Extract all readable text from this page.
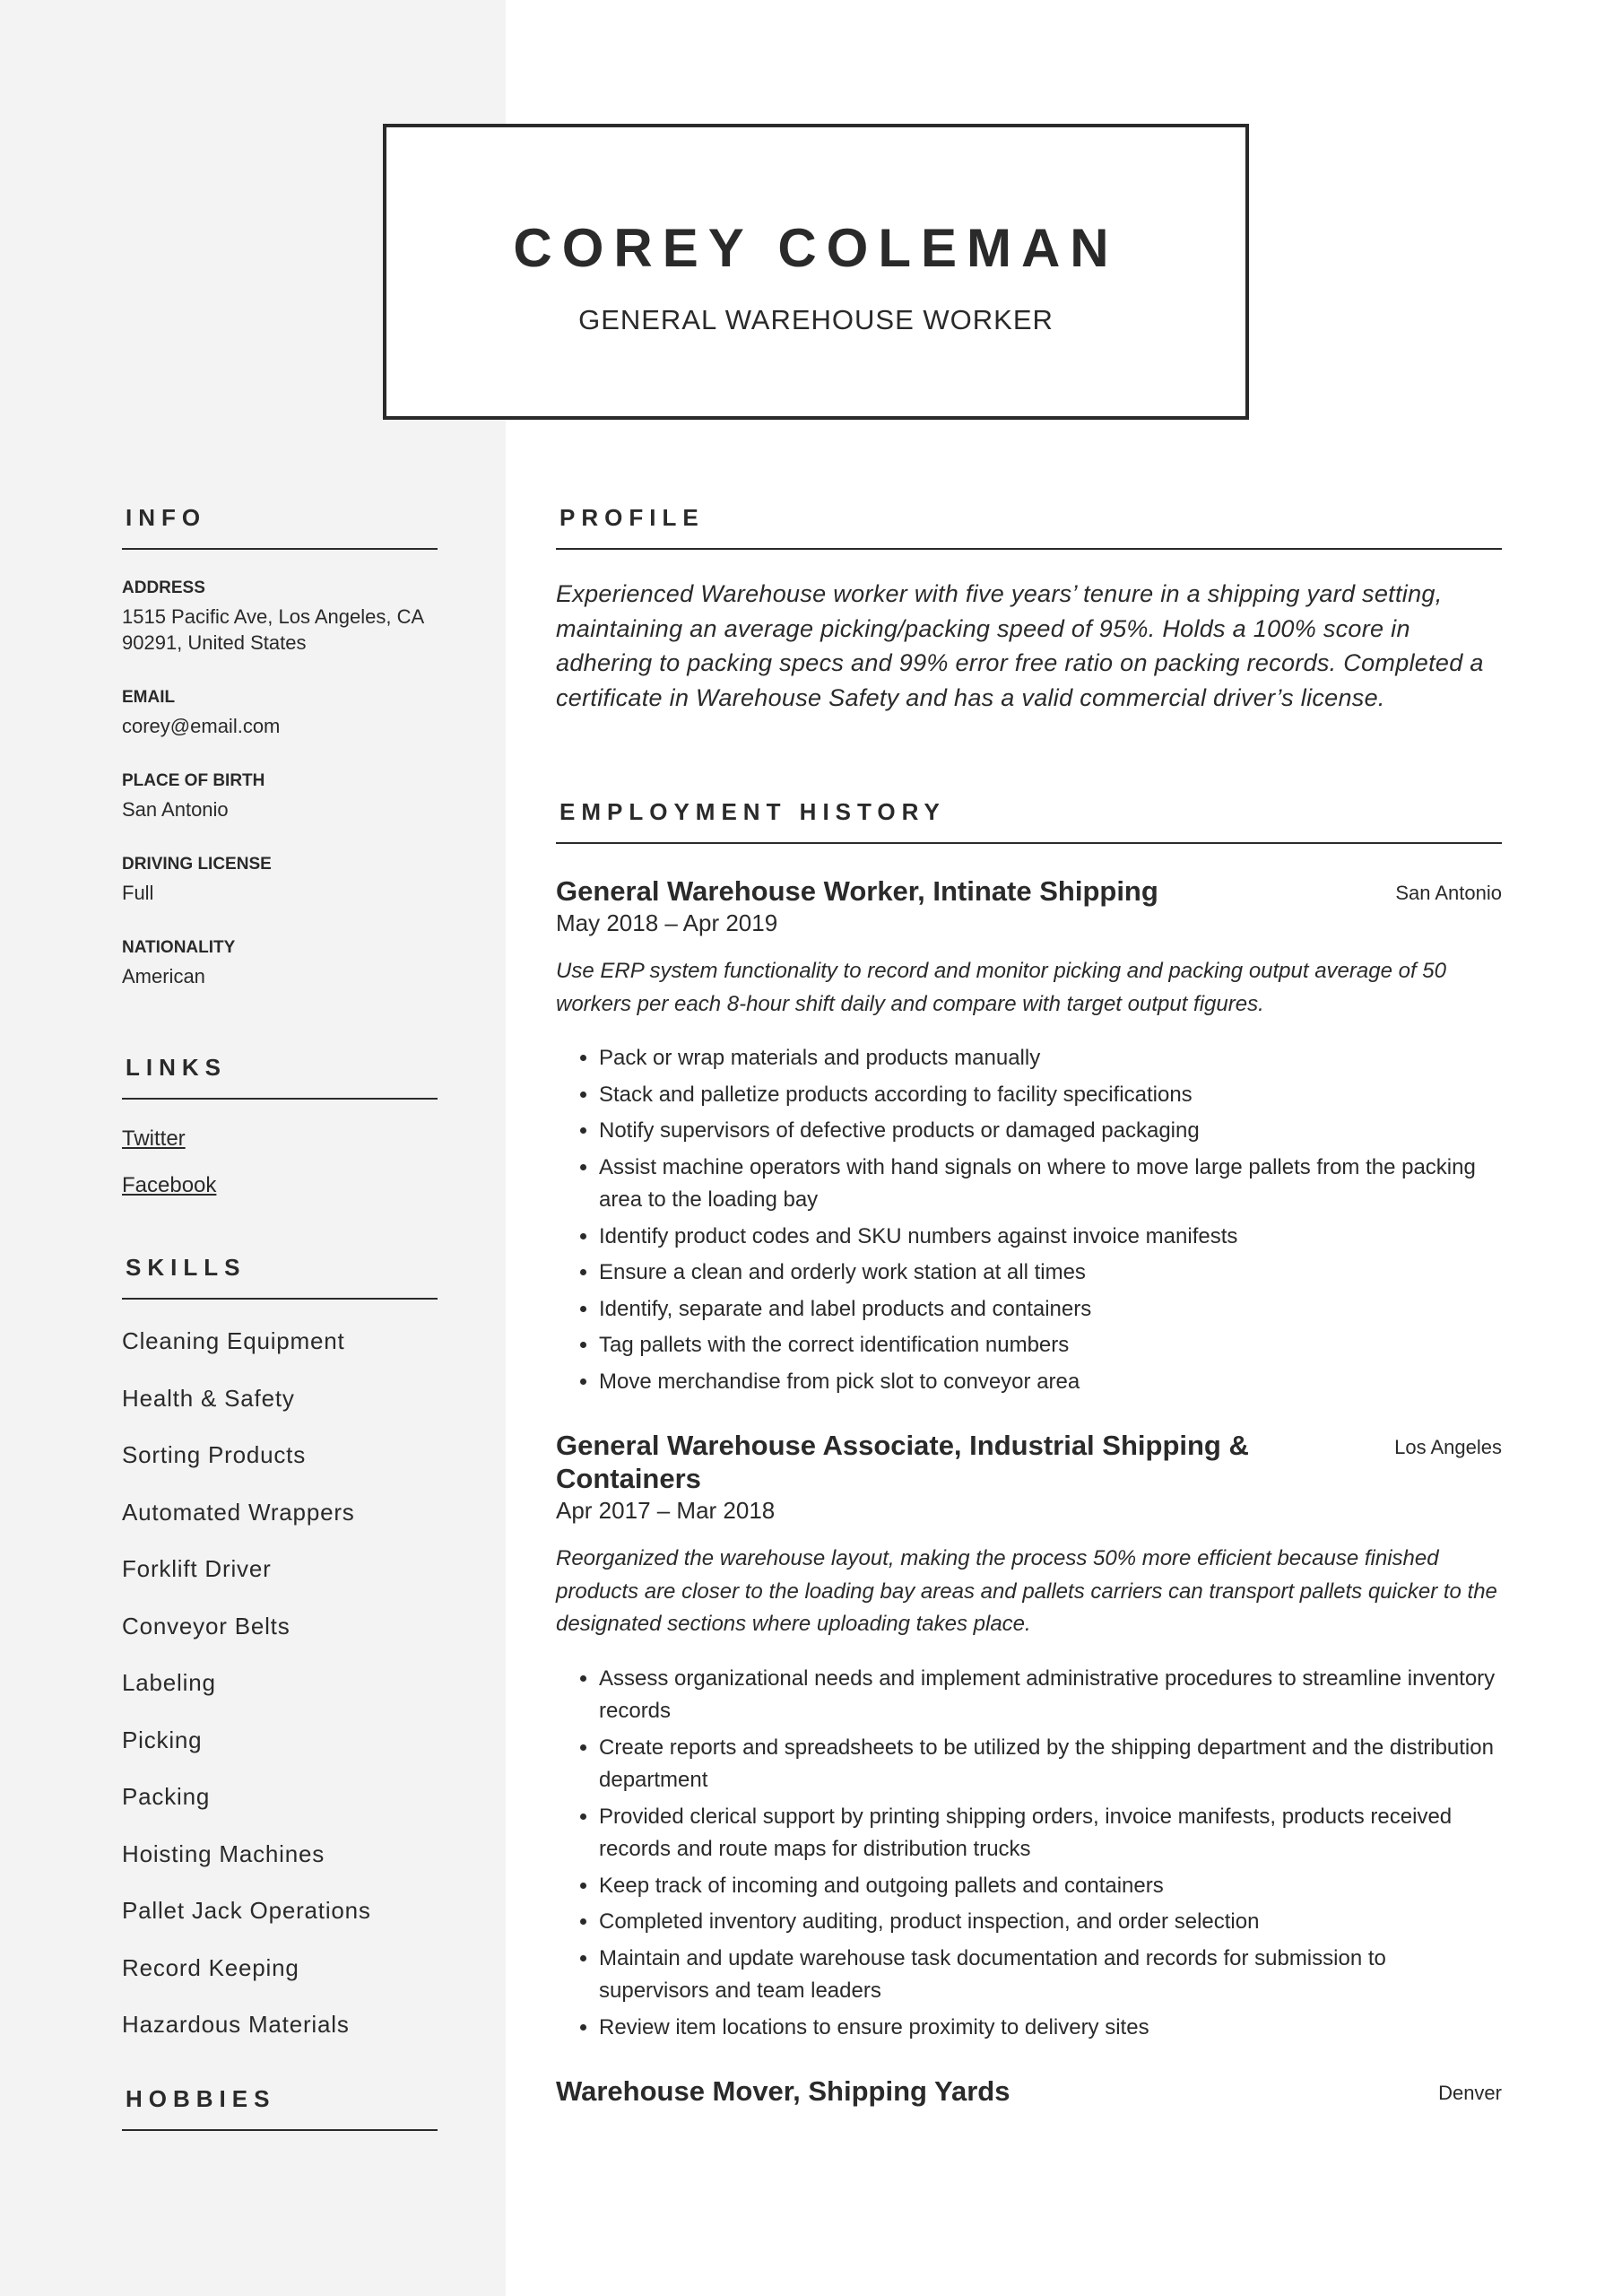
COREY COLEMAN
GENERAL WAREHOUSE WORKER
INFO
ADDRESS
1515 Pacific Ave, Los Angeles, CA
90291, United States
EMAIL
corey@email.com
PLACE OF BIRTH
San Antonio
DRIVING LICENSE
Full
NATIONALITY
American
LINKS
Twitter
Facebook
SKILLS
Cleaning Equipment
Health & Safety
Sorting Products
Automated Wrappers
Forklift Driver
Conveyor Belts
Labeling
Picking
Packing
Hoisting Machines
Pallet Jack Operations
Record Keeping
Hazardous Materials
HOBBIES
PROFILE
Experienced Warehouse worker with five years’ tenure in a shipping yard setting, maintaining an average picking/packing speed of 95%. Holds a 100% score in adhering to packing specs and 99% error free ratio on packing records. Completed a certificate in Warehouse Safety and has a valid commercial driver’s license.
EMPLOYMENT HISTORY
General Warehouse Worker, Intinate Shipping	San Antonio
May 2018 – Apr 2019
Use ERP system functionality to record and monitor picking and packing output average of 50 workers per each 8-hour shift daily and compare with target output figures.
• Pack or wrap materials and products manually
• Stack and palletize products according to facility specifications
• Notify supervisors of defective products or damaged packaging
• Assist machine operators with hand signals on where to move large pallets from the packing area to the loading bay
• Identify product codes and SKU numbers against invoice manifests
• Ensure a clean and orderly work station at all times
• Identify, separate and label products and containers
• Tag pallets with the correct identification numbers
• Move merchandise from pick slot to conveyor area
General Warehouse Associate, Industrial Shipping & Containers
Los Angeles
Apr 2017 – Mar 2018
Reorganized the warehouse layout, making the process 50% more efficient because finished products are closer to the loading bay areas and pallets carriers can transport pallets quicker to the designated sections where uploading takes place.
• Assess organizational needs and implement administrative procedures to streamline inventory records
• Create reports and spreadsheets to be utilized by the shipping department and the distribution department
• Provided clerical support by printing shipping orders, invoice manifests, products received records and route maps for distribution trucks
• Keep track of incoming and outgoing pallets and containers
• Completed inventory auditing, product inspection, and order selection
• Maintain and update warehouse task documentation and records for submission to supervisors and team leaders
• Review item locations to ensure proximity to delivery sites
Warehouse Mover, Shipping Yards	Denver
